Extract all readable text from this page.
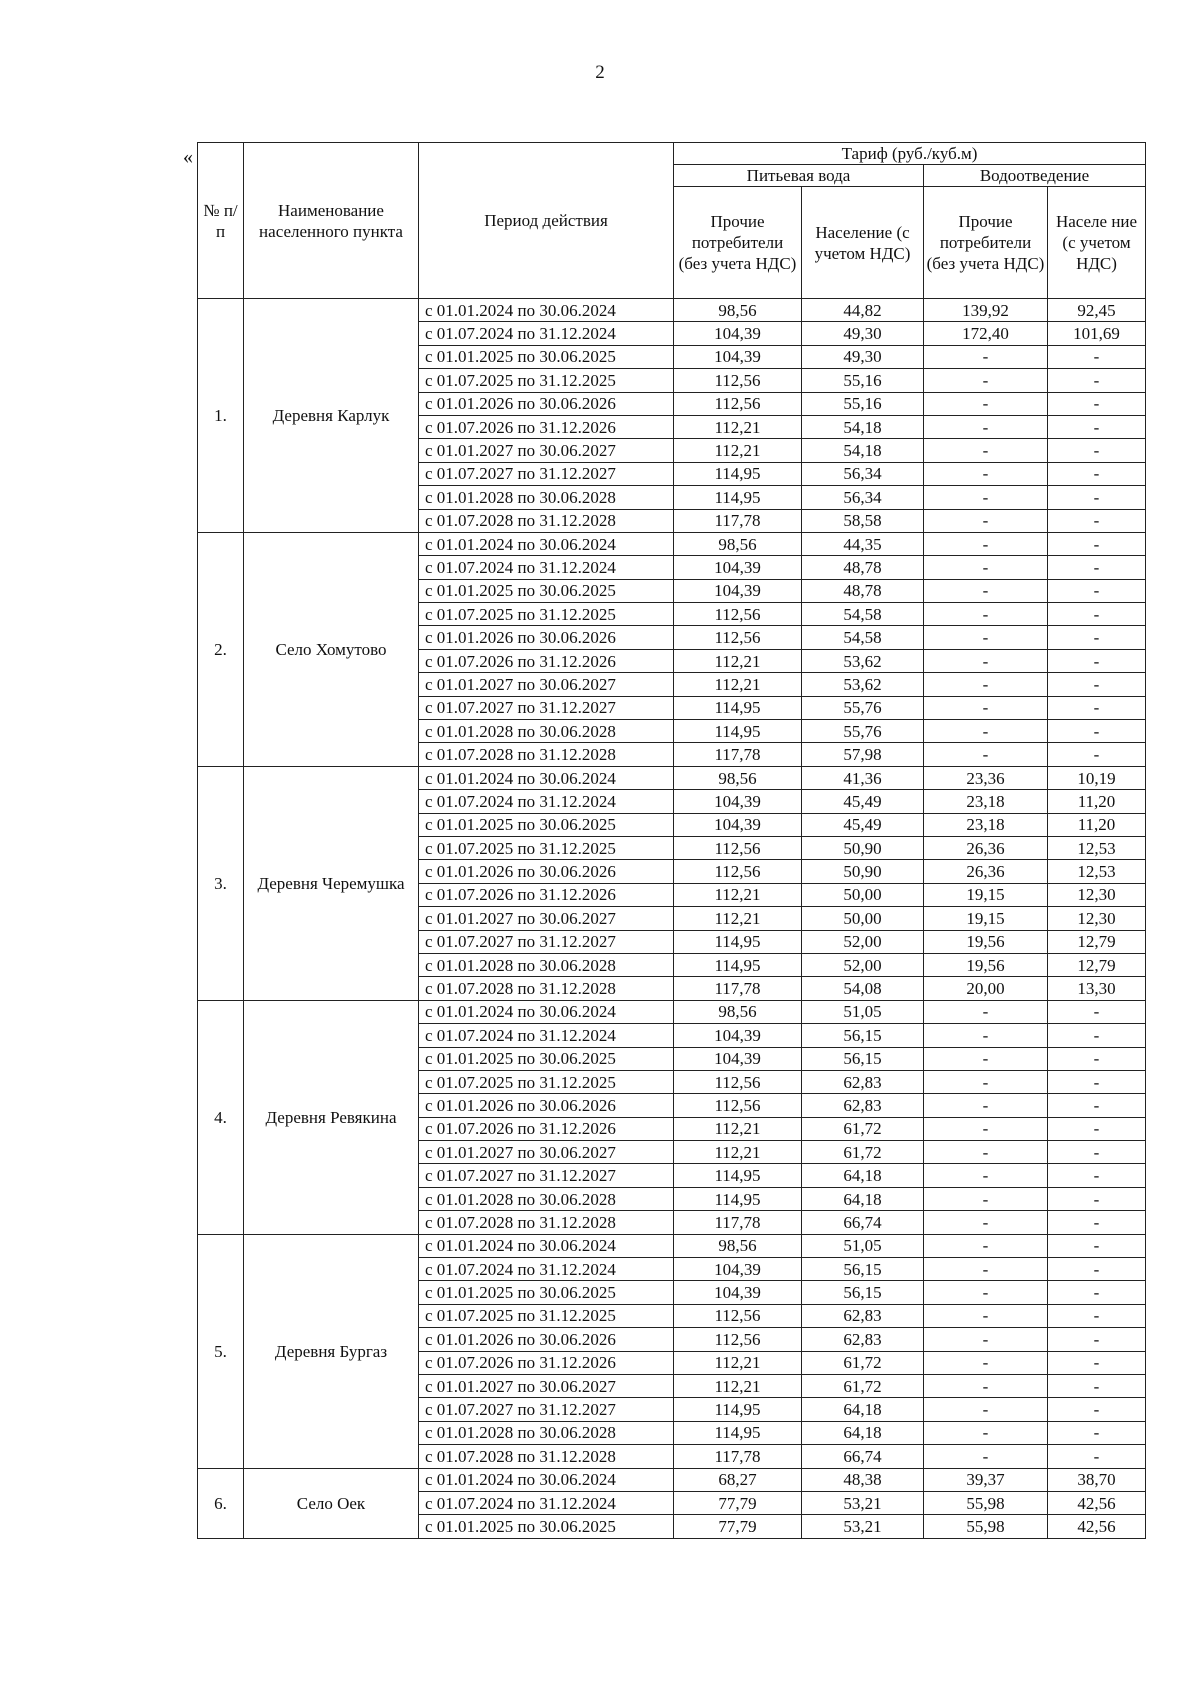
2
«
№ п/п	Наименование населенного пункта	Период действия	Тариф (руб./куб.м)			
			Питьевая вода		Водоотведение	
			Прочие потребители (без учета НДС)	Население (с учетом НДС)	Прочие потребители (без учета НДС)	Населе ние (с учетом НДС)
1.	Деревня Карлук	с 01.01.2024 по 30.06.2024	98,56	44,82	139,92	92,45
		с 01.07.2024 по 31.12.2024	104,39	49,30	172,40	101,69
		с 01.01.2025 по 30.06.2025	104,39	49,30	-	-
		с 01.07.2025 по 31.12.2025	112,56	55,16	-	-
		с 01.01.2026 по 30.06.2026	112,56	55,16	-	-
		с 01.07.2026 по 31.12.2026	112,21	54,18	-	-
		с 01.01.2027 по 30.06.2027	112,21	54,18	-	-
		с 01.07.2027 по 31.12.2027	114,95	56,34	-	-
		с 01.01.2028 по 30.06.2028	114,95	56,34	-	-
		с 01.07.2028 по 31.12.2028	117,78	58,58	-	-
2.	Село Хомутово	с 01.01.2024 по 30.06.2024	98,56	44,35	-	-
		с 01.07.2024 по 31.12.2024	104,39	48,78	-	-
		с 01.01.2025 по 30.06.2025	104,39	48,78	-	-
		с 01.07.2025 по 31.12.2025	112,56	54,58	-	-
		с 01.01.2026 по 30.06.2026	112,56	54,58	-	-
		с 01.07.2026 по 31.12.2026	112,21	53,62	-	-
		с 01.01.2027 по 30.06.2027	112,21	53,62	-	-
		с 01.07.2027 по 31.12.2027	114,95	55,76	-	-
		с 01.01.2028 по 30.06.2028	114,95	55,76	-	-
		с 01.07.2028 по 31.12.2028	117,78	57,98	-	-
3.	Деревня Черемушка	с 01.01.2024 по 30.06.2024	98,56	41,36	23,36	10,19
		с 01.07.2024 по 31.12.2024	104,39	45,49	23,18	11,20
		с 01.01.2025 по 30.06.2025	104,39	45,49	23,18	11,20
		с 01.07.2025 по 31.12.2025	112,56	50,90	26,36	12,53
		с 01.01.2026 по 30.06.2026	112,56	50,90	26,36	12,53
		с 01.07.2026 по 31.12.2026	112,21	50,00	19,15	12,30
		с 01.01.2027 по 30.06.2027	112,21	50,00	19,15	12,30
		с 01.07.2027 по 31.12.2027	114,95	52,00	19,56	12,79
		с 01.01.2028 по 30.06.2028	114,95	52,00	19,56	12,79
		с 01.07.2028 по 31.12.2028	117,78	54,08	20,00	13,30
4.	Деревня Ревякина	с 01.01.2024 по 30.06.2024	98,56	51,05	-	-
		с 01.07.2024 по 31.12.2024	104,39	56,15	-	-
		с 01.01.2025 по 30.06.2025	104,39	56,15	-	-
		с 01.07.2025 по 31.12.2025	112,56	62,83	-	-
		с 01.01.2026 по 30.06.2026	112,56	62,83	-	-
		с 01.07.2026 по 31.12.2026	112,21	61,72	-	-
		с 01.01.2027 по 30.06.2027	112,21	61,72	-	-
		с 01.07.2027 по 31.12.2027	114,95	64,18	-	-
		с 01.01.2028 по 30.06.2028	114,95	64,18	-	-
		с 01.07.2028 по 31.12.2028	117,78	66,74	-	-
5.	Деревня Бургаз	с 01.01.2024 по 30.06.2024	98,56	51,05	-	-
		с 01.07.2024 по 31.12.2024	104,39	56,15	-	-
		с 01.01.2025 по 30.06.2025	104,39	56,15	-	-
		с 01.07.2025 по 31.12.2025	112,56	62,83	-	-
		с 01.01.2026 по 30.06.2026	112,56	62,83	-	-
		с 01.07.2026 по 31.12.2026	112,21	61,72	-	-
		с 01.01.2027 по 30.06.2027	112,21	61,72	-	-
		с 01.07.2027 по 31.12.2027	114,95	64,18	-	-
		с 01.01.2028 по 30.06.2028	114,95	64,18	-	-
		с 01.07.2028 по 31.12.2028	117,78	66,74	-	-
6.	Село Оек	с 01.01.2024 по 30.06.2024	68,27	48,38	39,37	38,70
		с 01.07.2024 по 31.12.2024	77,79	53,21	55,98	42,56
		с 01.01.2025 по 30.06.2025	77,79	53,21	55,98	42,56
